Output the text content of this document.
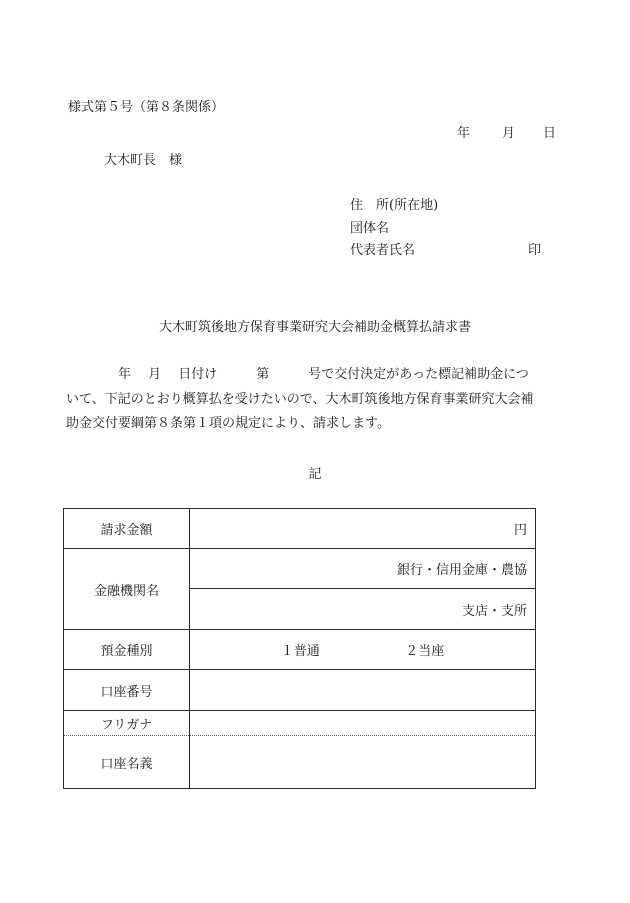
様式第５号（第８条関係）
年 月 日
大木町長　様
住　所(所在地)
団体名
代表者氏名	印
大木町筑後地方保育事業研究大会補助金概算払請求書
　　　　年　 月　 日付け　　　第　　　号で交付決定があった標記補助金につ
いて、下記のとおり概算払を受けたいので、大木町筑後地方保育事業研究大会補
助金交付要綱第８条第１項の規定により、請求します。
記
請求金額	円
金融機関名	銀行・信用金庫・農協
	支店・支所
預金種別	１普通 ２当座

口座番号	
フリガナ	
口座名義	
